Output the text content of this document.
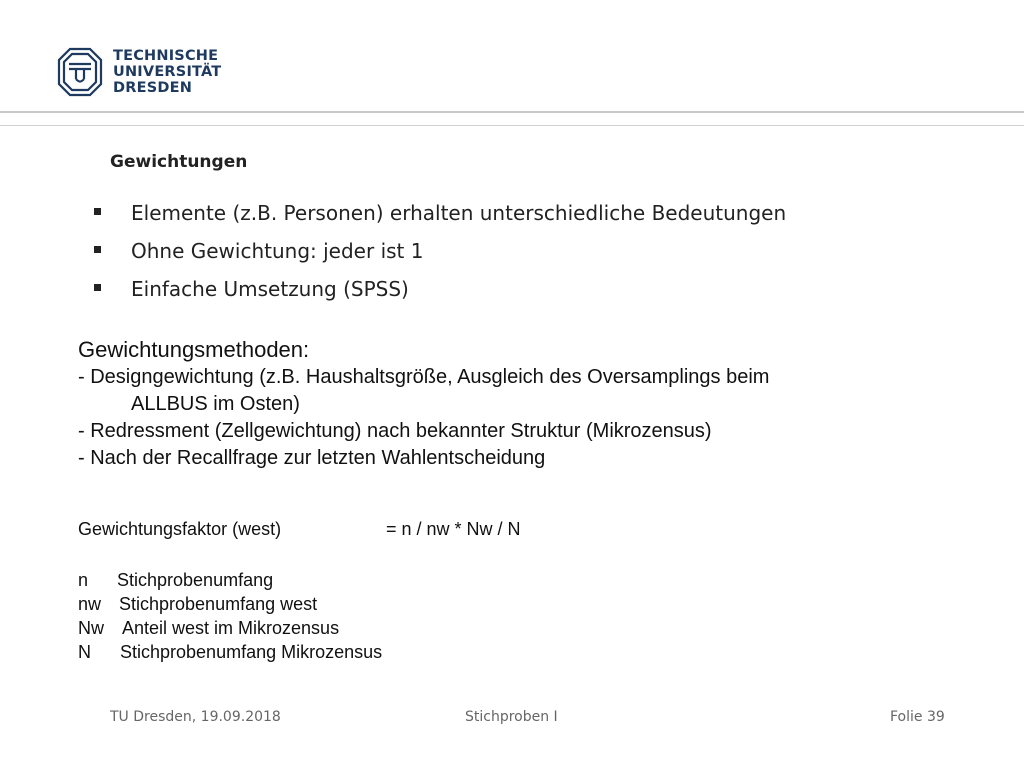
TECHNISCHE
UNIVERSITÄT
DRESDEN
Gewichtungen
Elemente (z.B. Personen) erhalten unterschiedliche Bedeutungen
Ohne Gewichtung: jeder ist 1
Einfache Umsetzung (SPSS)
Gewichtungsmethoden:
- Designgewichtung (z.B. Haushaltsgröße, Ausgleich des Oversamplings beim
ALLBUS im Osten)
- Redressment (Zellgewichtung) nach bekannter Struktur (Mikrozensus)
- Nach der Recallfrage zur letzten Wahlentscheidung
Gewichtungsfaktor (west)	= n / nw * Nw / N
n Stichprobenumfang
nw Stichprobenumfang west
Nw Anteil west im Mikrozensus
N Stichprobenumfang Mikrozensus
TU Dresden, 19.09.2018	Stichproben I	Folie 39
